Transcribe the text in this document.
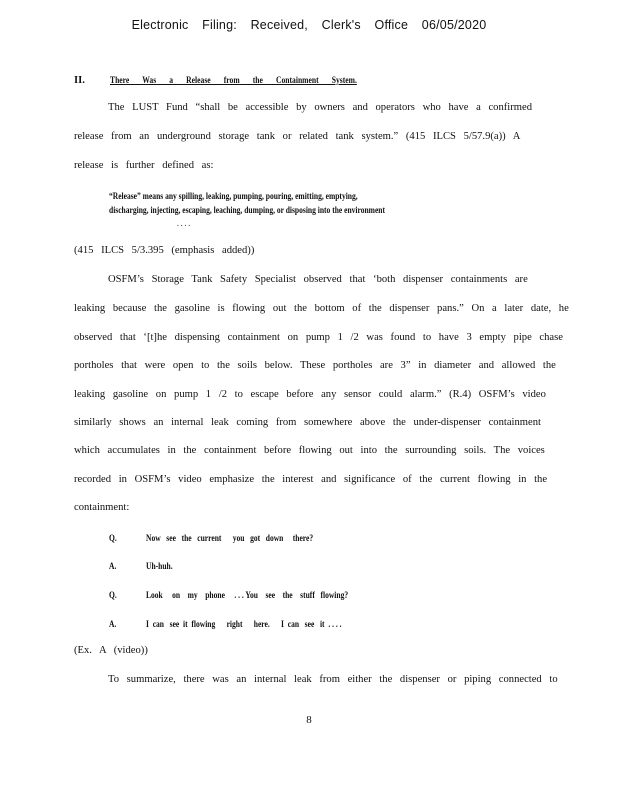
Electronic Filing: Received, Clerk's Office 06/05/2020
II.	There Was a Release from the Containment System.
The LUST Fund “shall be accessible by owners and operators who have a confirmed
release from an underground storage tank or related tank system.” (415 ILCS 5/57.9(a)) A
release is further defined as:
“Release” means any spilling, leaking, pumping, pouring, emitting, emptying,
discharging, injecting, escaping, leaching, dumping, or disposing into the environment
. . . .
(415 ILCS 5/3.395 (emphasis added))
OSFM’s Storage Tank Safety Specialist observed that ‘both dispenser containments are
leaking because the gasoline is flowing out the bottom of the dispenser pans.” On a later date, he
observed that ‘[t]he dispensing containment on pump 1 /2 was found to have 3 empty pipe chase
portholes that were open to the soils below. These portholes are 3” in diameter and allowed the
leaking gasoline on pump 1 /2 to escape before any sensor could alarm.” (R.4) OSFM’s video
similarly shows an internal leak coming from somewhere above the under-dispenser containment
which accumulates in the containment before flowing out into the surrounding soils. The voices
recorded in OSFM’s video emphasize the interest and significance of the current flowing in the
containment:
Q.	Now   see   the   current      you   got   down     there?
A.	Uh-huh.
Q.	Look     on    my    phone     . . . You    see    the    stuff   flowing?
A.	I  can   see  it  flowing      right      here.      I  can   see   it  . . . .
(Ex. A (video))
To summarize, there was an internal leak from either the dispenser or piping connected to
8
